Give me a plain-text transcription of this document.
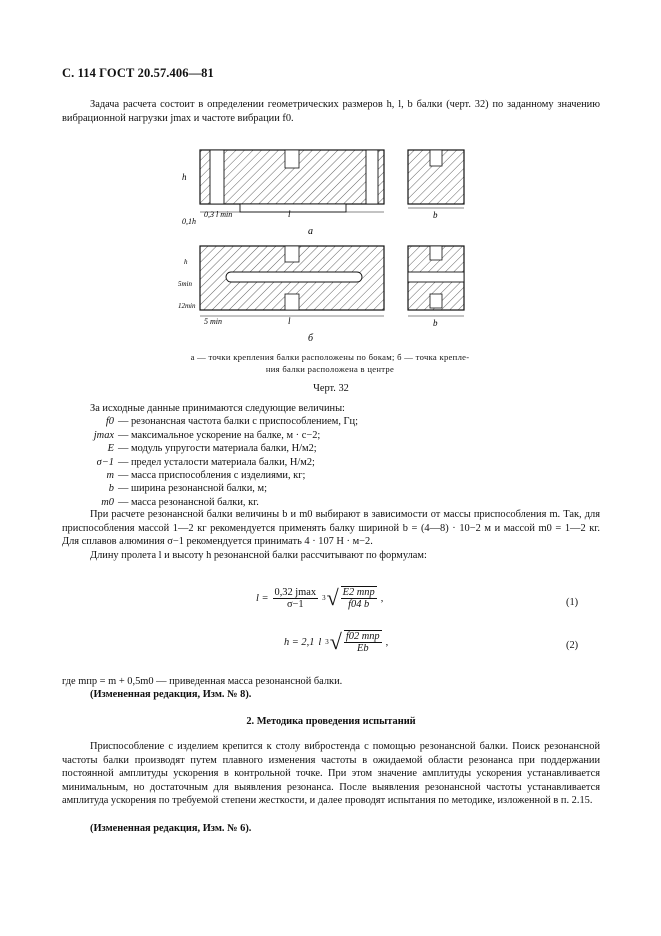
С. 114 ГОСТ 20.57.406—81
Задача расчета состоит в определении геометрических размеров h, l, b балки (черт. 32) по заданному значению вибрационной нагрузки jmax и частоте вибрации f0.
h
0,1h
0,3 l min	l
а
b
h
5min
12min
5 min	l
б
b
а — точки крепления балки расположены по бокам; б — точка крепле-
ния балки расположена в центре
Черт. 32
За исходные данные принимаются следующие величины:
f0 — резонансная частота балки с приспособлением, Гц;
jmax — максимальное ускорение на балке, м · с−2;
E — модуль упругости материала балки, Н/м2;
σ−1 — предел усталости материала балки, Н/м2;
m — масса приспособления с изделиями, кг;
b — ширина резонансной балки, м;
m0 — масса резонансной балки, кг.
При расчете резонансной балки величины b и m0 выбирают в зависимости от массы приспособления m. Так, для приспособления массой 1—2 кг рекомендуется применять балку шириной b = (4—8) · 10−2 м и массой m0 = 1—2 кг. Для сплавов алюминия σ−1 рекомендуется принимать 4 · 107 Н · м−2.
Длину пролета l и высоту h резонансной балки рассчитывают по формулам:
l =
0,32 jmax
σ−1
3 √ E2 mпр
f04 b
,	(1)
h = 2,1 l 3 √ f02 mпр
Eb
,	(2)
где mпр = m + 0,5m0 — приведенная масса резонансной балки.
(Измененная редакция, Изм. № 8).
2. Методика проведения испытаний
Приспособление с изделием крепится к столу вибростенда с помощью резонансной балки. Поиск резонансной частоты балки производят путем плавного изменения частоты в ожидаемой области резонанса при поддержании постоянной амплитуды ускорения в контрольной точке. При этом значение амплитуды ускорения устанавливается минимальным, но достаточным для выявления резонанса. После выявления резонансной частоты устанавливается амплитуда ускорения по требуемой степени жесткости, и далее проводят испытания по методике, изложенной в п. 2.15.
(Измененная редакция, Изм. № 6).
